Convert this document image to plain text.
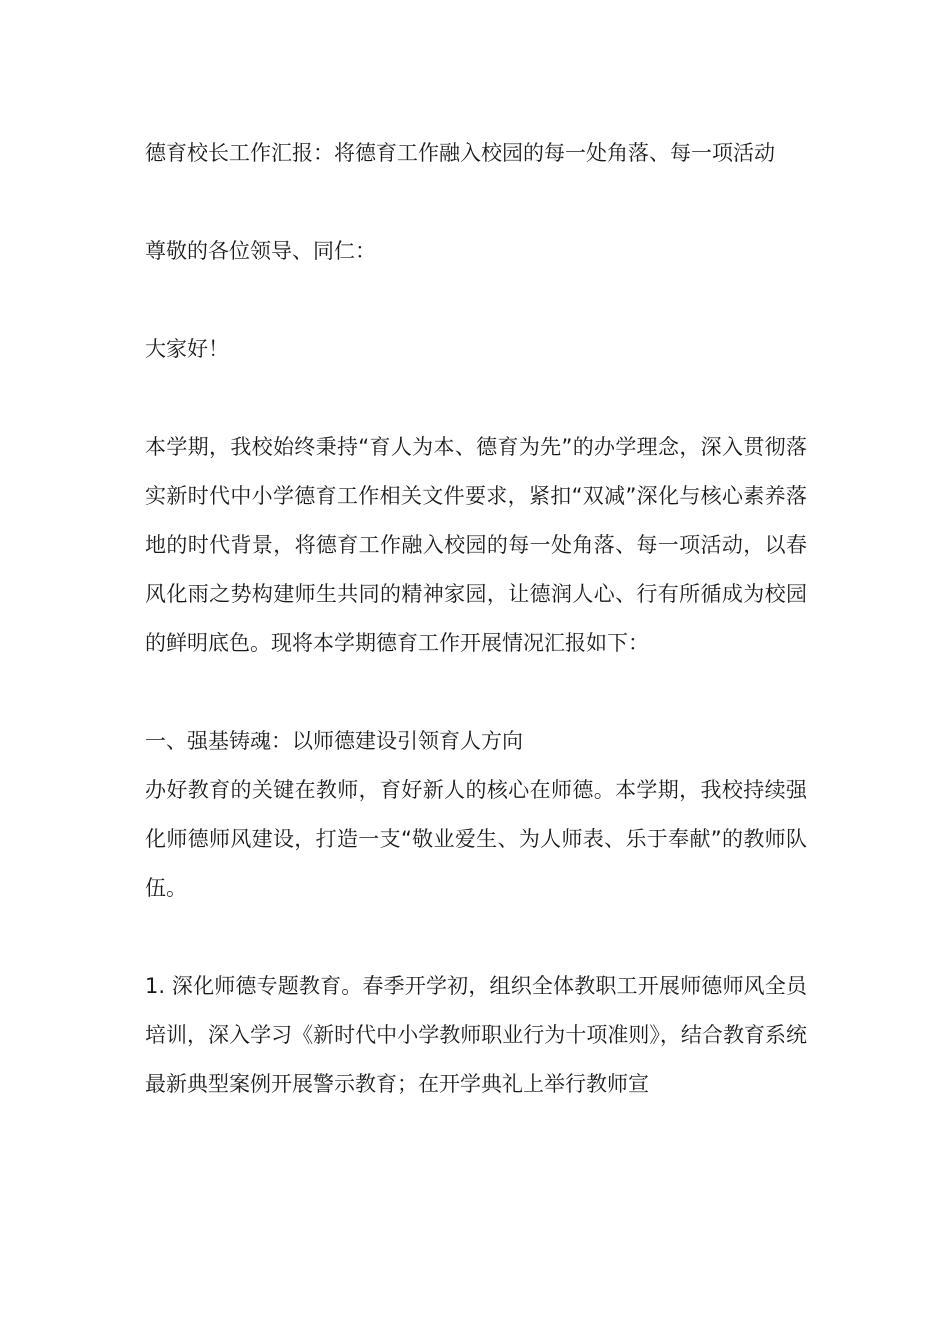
德育校长工作汇报：将德育工作融入校园的每一处角落、每一项活动

尊敬的各位领导、同仁：

大家好！

本学期，我校始终秉持“育人为本、德育为先”的办学理念，深入贯彻落实新时代中小学德育工作相关文件要求，紧扣“双减”深化与核心素养落地的时代背景，将德育工作融入校园的每一处角落、每一项活动，以春风化雨之势构建师生共同的精神家园，让德润人心、行有所循成为校园的鲜明底色。现将本学期德育工作开展情况汇报如下：

一、强基铸魂：以师德建设引领育人方向

办好教育的关键在教师，育好新人的核心在师德。本学期，我校持续强化师德师风建设，打造一支“敬业爱生、为人师表、乐于奉献”的教师队伍。

1. 深化师德专题教育。春季开学初，组织全体教职工开展师德师风全员培训，深入学习《新时代中小学教师职业行为十项准则》，结合教育系统最新典型案例开展警示教育；在开学典礼上举行教师宣
